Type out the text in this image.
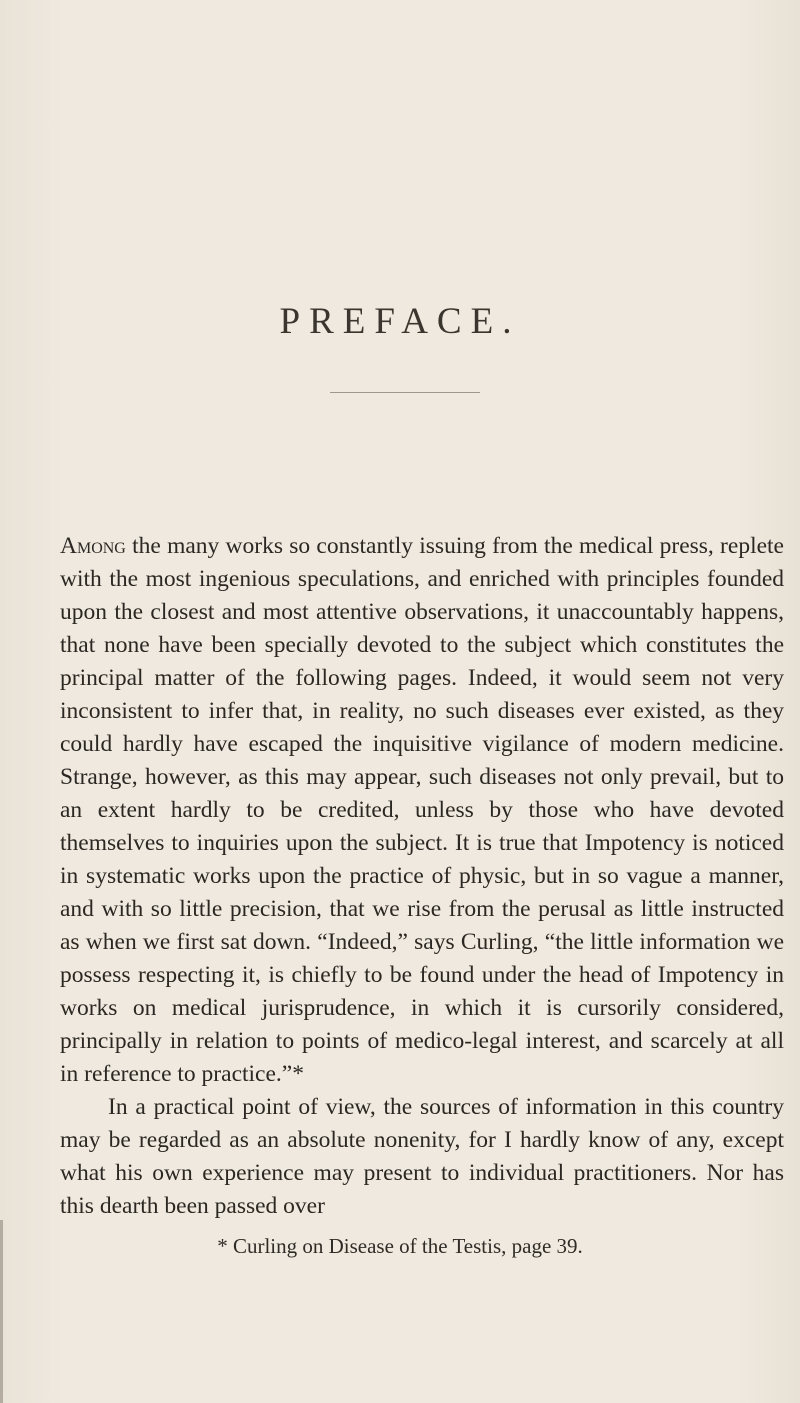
PREFACE.

Among the many works so constantly issuing from the medical press, replete with the most ingenious speculations, and enriched with principles founded upon the closest and most attentive observations, it unaccountably happens, that none have been specially devoted to the subject which constitutes the principal matter of the following pages. Indeed, it would seem not very inconsistent to infer that, in reality, no such diseases ever existed, as they could hardly have escaped the inquisitive vigilance of modern medicine. Strange, however, as this may appear, such diseases not only prevail, but to an extent hardly to be credited, unless by those who have devoted themselves to inquiries upon the subject. It is true that Impotency is noticed in systematic works upon the practice of physic, but in so vague a manner, and with so little precision, that we rise from the perusal as little instructed as when we first sat down. “Indeed,” says Curling, “the little information we possess respecting it, is chiefly to be found under the head of Impotency in works on medical jurisprudence, in which it is cursorily considered, principally in relation to points of medico-legal interest, and scarcely at all in reference to practice.”*

In a practical point of view, the sources of information in this country may be regarded as an absolute nonenity, for I hardly know of any, except what his own experience may present to individual practitioners. Nor has this dearth been passed over

* Curling on Disease of the Testis, page 39.
